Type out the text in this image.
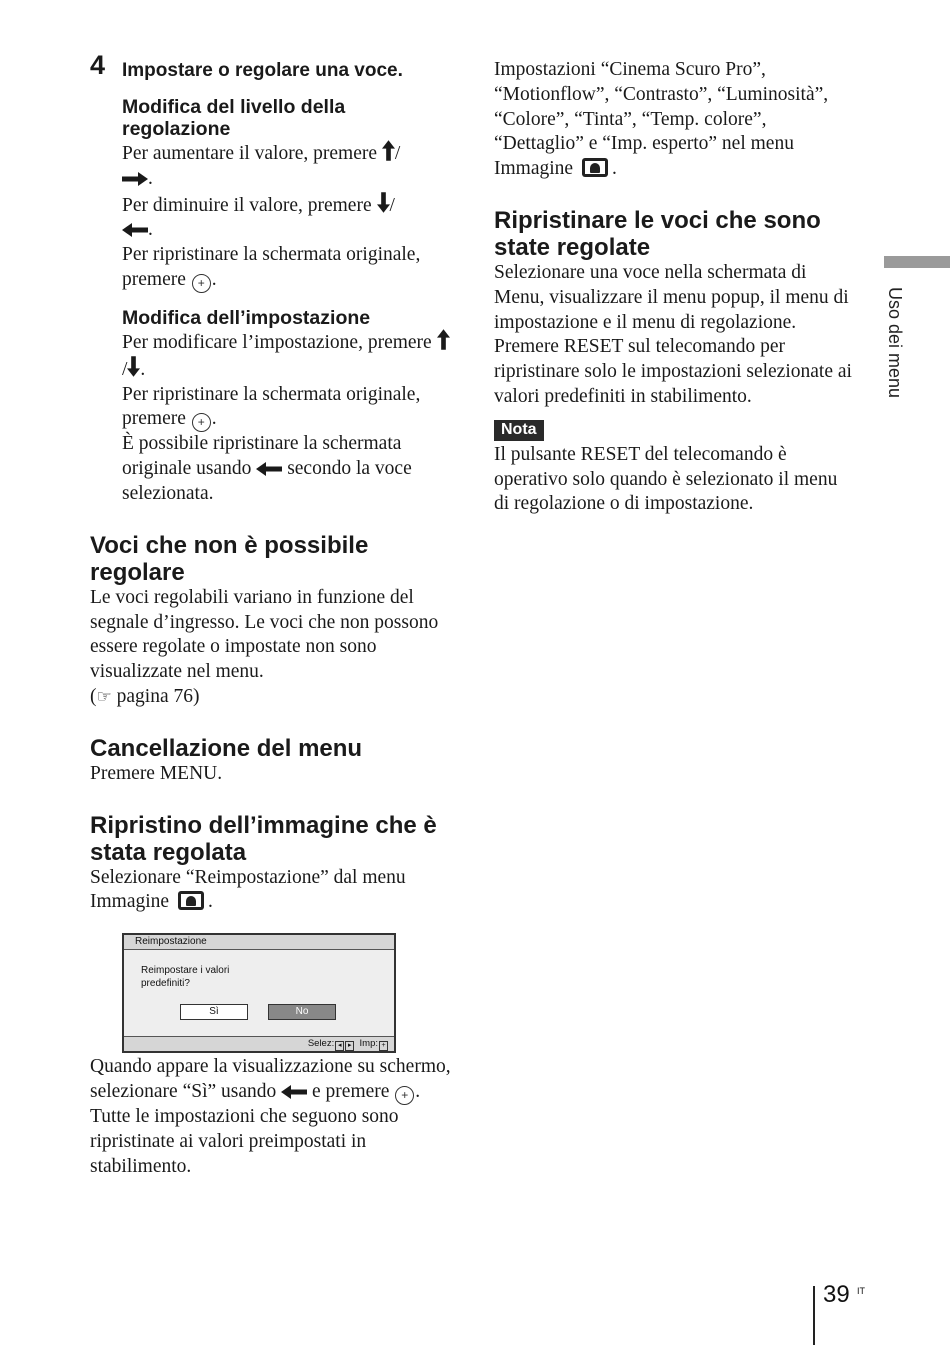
4 Impostare o regolare una voce.
Modifica del livello della regolazione

Per aumentare il valore, premere /
.

Per diminuire il valore, premere /
.

Per ripristinare la schermata originale, premere + .

Modifica dell’impostazione

Per modificare l’impostazione, premere / .

Per ripristinare la schermata originale, premere + .

È possibile ripristinare la schermata originale usando secondo la voce selezionata.

Voci che non è possibile regolare

Le voci regolabili variano in funzione del segnale d’ingresso. Le voci che non possono essere regolate o impostate non sono visualizzate nel menu.

(☞ pagina 76)

Cancellazione del menu

Premere MENU.

Ripristino dell’immagine che è stata regolata

Selezionare “Reimpostazione” dal menu Immagine .

Reimpostazione
Reimpostare i valori predefiniti?
Sì	No
Selez: ◂ ▸ Imp: +

Quando appare la visualizzazione su schermo, selezionare “Sì” usando e premere + .

Tutte le impostazioni che seguono sono ripristinate ai valori preimpostati in stabilimento.

Impostazioni “Cinema Scuro Pro”, “Motionflow”, “Contrasto”, “Luminosità”, “Colore”, “Tinta”, “Temp. colore”, “Dettaglio” e “Imp. esperto” nel menu Immagine .

Ripristinare le voci che sono state regolate

Selezionare una voce nella schermata di Menu, visualizzare il menu popup, il menu di impostazione e il menu di regolazione.

Premere RESET sul telecomando per ripristinare solo le impostazioni selezionate ai valori predefiniti in stabilimento.

Nota

Il pulsante RESET del telecomando è operativo solo quando è selezionato il menu di regolazione o di impostazione.

Uso dei menu
39 IT
